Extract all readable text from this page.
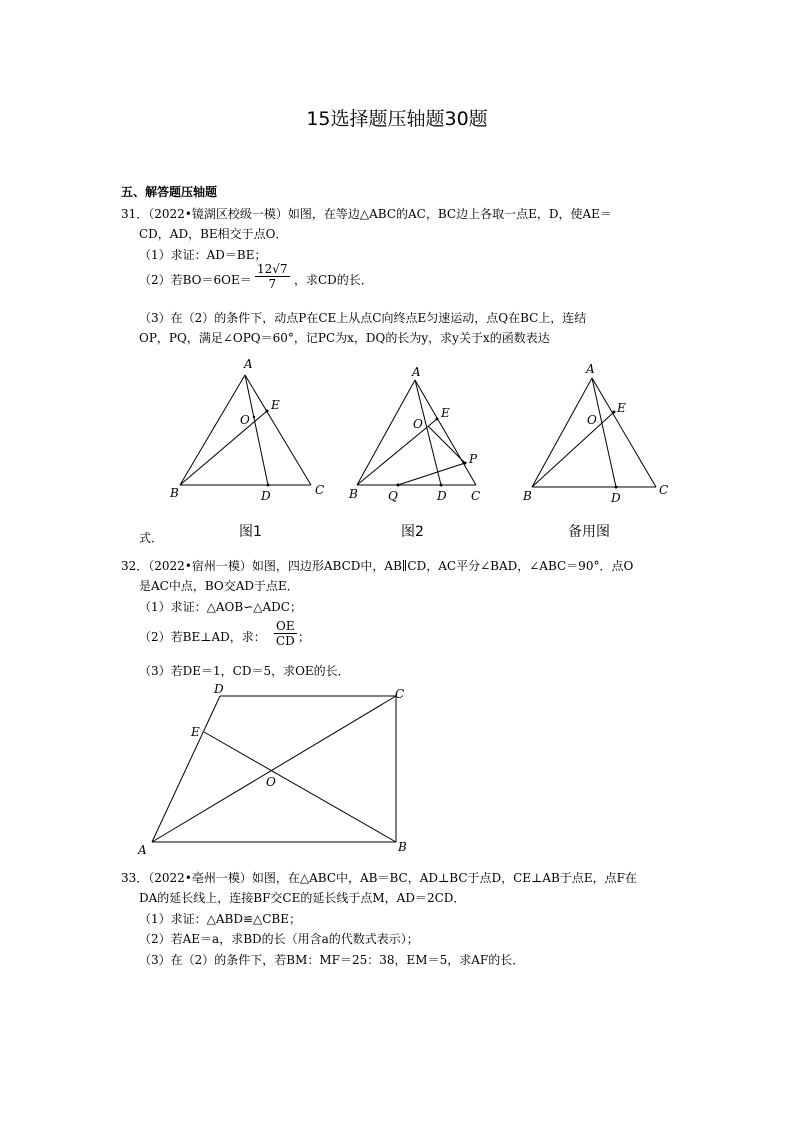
15选择题压轴题30题
五、解答题压轴题
31．（2022•镜湖区校级一模）如图，在等边△ABC的AC，BC边上各取一点E，D，使AE＝
CD，AD，BE相交于点O．
（1）求证：AD＝BE；
（2）若$BO=6OE= \frac{12√7}{7}$ ，求CD的长．
（3）在（2）的条件下，动点P在CE上从点C向终点E匀速运动，点Q在BC上，连结
OP，PQ，满足∠OPQ＝60°，记PC为x，DQ的长为y，求y关于x的函数表达
式．
A
B	C
D
E
O
A
B	C
D
E
O
P
Q
A
B	C
D
E
O
图1	图2	备用图
32．（2022•宿州一模）如图，四边形ABCD中，AB∥CD，AC平分∠BAD，∠ABC＝90°．点O
是AC中点，BO交AD于点E．
（1）求证：△AOB∽△ADC；
（2）若BE⊥AD，求： $\frac{OE}{CD}$ ；
（3）若DE＝1，CD＝5，求OE的长．
D	C
E
O
A	B
33．（2022•亳州一模）如图，在△ABC中，AB＝BC，AD⊥BC于点D，CE⊥AB于点E，点F在
DA的延长线上，连接BF交CE的延长线于点M，AD＝2CD．
（1）求证：△ABD≌△CBE；
（2）若AE＝a，求BD的长（用含a的代数式表示）；
（3）在（2）的条件下，若BM：MF＝25：38，EM＝5，求AF的长．
